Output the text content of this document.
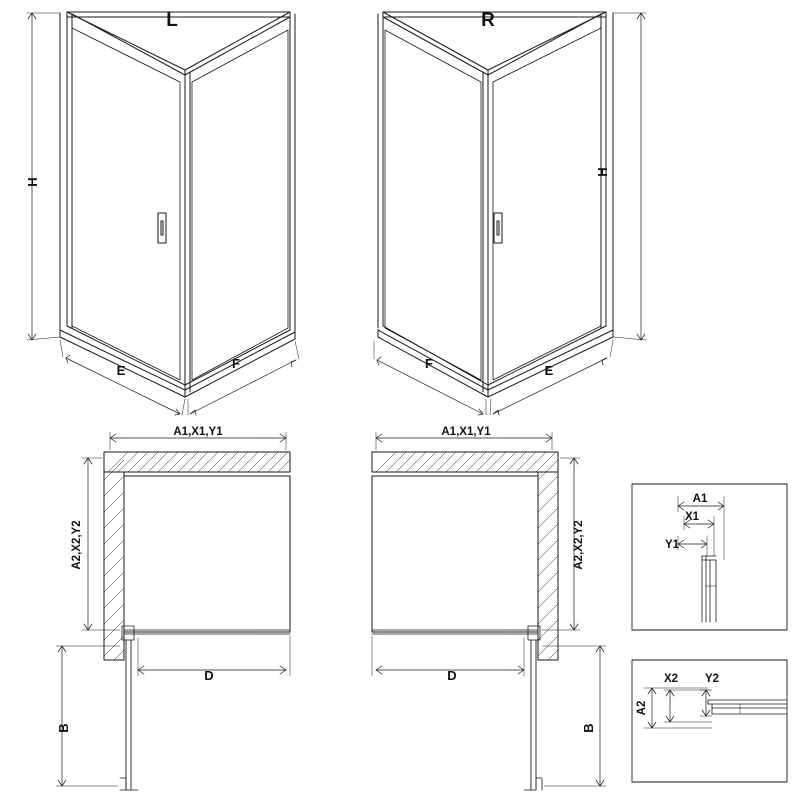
L	R
H
H
E	F	F	E
A1,X1,Y1	A1,X1,Y1
A2,X2,Y2	A2,X2,Y2
D	D
B	B
A1
X1
Y1
A2
X2 Y2
